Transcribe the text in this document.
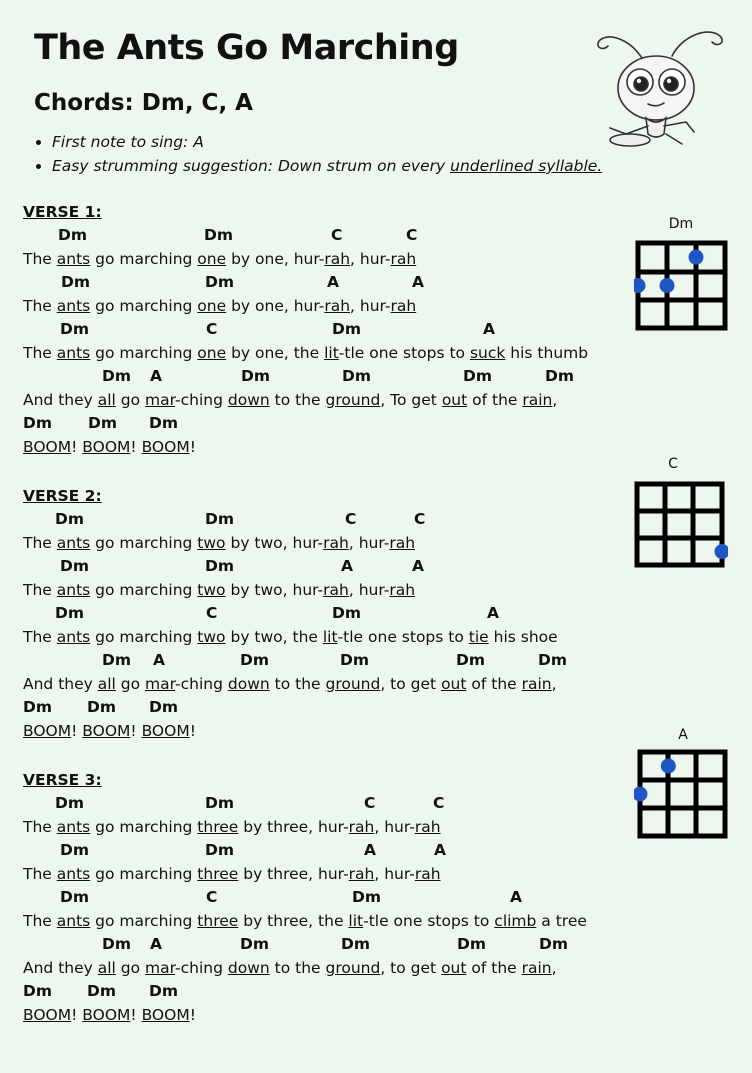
The Ants Go Marching
Chords: Dm, C, A
• First note to sing: A
• Easy strumming suggestion: Down strum on every underlined syllable.
VERSE 1:
Dm	Dm	C	C
The ants go marching one by one, hur-rah, hur-rah
Dm	Dm	A	A
The ants go marching one by one, hur-rah, hur-rah
Dm	C	Dm	A
The ants go marching one by one, the lit-tle one stops to suck his thumb
Dm A	Dm	Dm	Dm	Dm
And they all go mar-ching down to the ground, To get out of the rain,
Dm Dm Dm
BOOM! BOOM! BOOM!
VERSE 2:
Dm	Dm	C	C
The ants go marching two by two, hur-rah, hur-rah
Dm	Dm	A	A
The ants go marching two by two, hur-rah, hur-rah
Dm	C	Dm	A
The ants go marching two by two, the lit-tle one stops to tie his shoe
Dm A	Dm	Dm	Dm	Dm
And they all go mar-ching down to the ground, to get out of the rain,
Dm Dm Dm
BOOM! BOOM! BOOM!
VERSE 3:
Dm	Dm	C	C
The ants go marching three by three, hur-rah, hur-rah
Dm	Dm	A	A
The ants go marching three by three, hur-rah, hur-rah
Dm	C	Dm	A
The ants go marching three by three, the lit-tle one stops to climb a tree
Dm A	Dm	Dm	Dm	Dm
And they all go mar-ching down to the ground, to get out of the rain,
Dm Dm Dm
BOOM! BOOM! BOOM!
Dm
C
A
